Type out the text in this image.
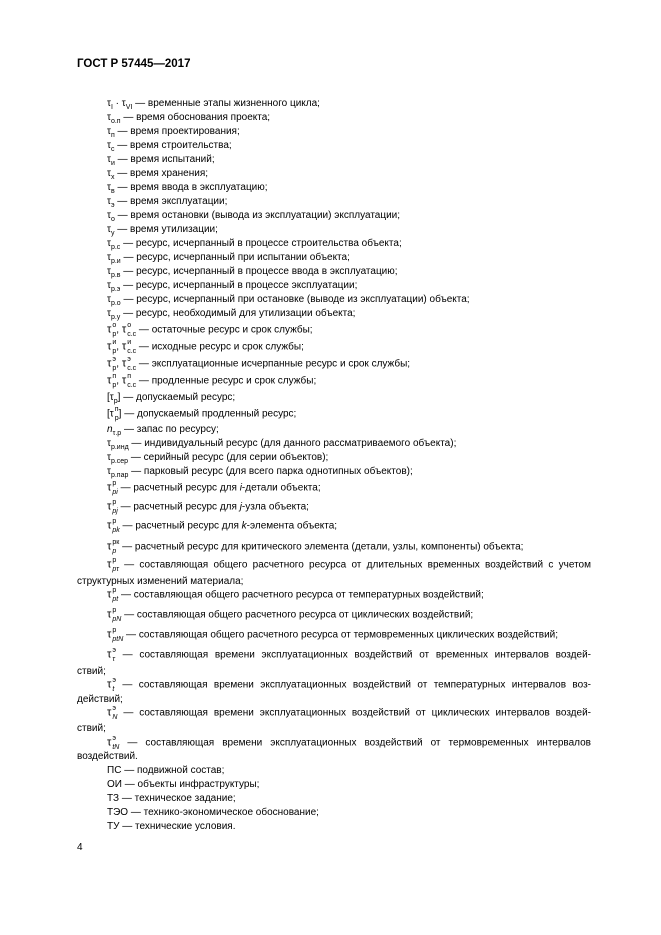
ГОСТ Р 57445—2017
$\tau_I \cdot \tau_{VI}$ — временные этапы жизненного цикла;
$\tau_{о.п}$ — время обоснования проекта;
$\tau_п$ — время проектирования;
$\tau_с$ — время строительства;
$\tau_и$ — время испытаний;
$\tau_х$ — время хранения;
$\tau_в$ — время ввода в эксплуатацию;
$\tau_э$ — время эксплуатации;
$\tau_о$ — время остановки (вывода из эксплуатации) эксплуатации;
$\tau_у$ — время утилизации;
$\tau_{р.с}$ — ресурс, исчерпанный в процессе строительства объекта;
$\tau_{р.и}$ — ресурс, исчерпанный при испытании объекта;
$\tau_{р.в}$ — ресурс, исчерпанный в процессе ввода в эксплуатацию;
$\tau_{р.э}$ — ресурс, исчерпанный в процессе эксплуатации;
$\tau_{р.о}$ — ресурс, исчерпанный при остановке (выводе из эксплуатации) объекта;
$\tau_{р.у}$ — ресурс, необходимый для утилизации объекта;
τ о
р , τ о
с.с — остаточные ресурс и срок службы;
τ и
р , τ и
с.с — исходные ресурс и срок службы;
τ э
р , τ э
с.с — эксплуатационные исчерпанные ресурс и срок службы;
τ п
р , τ п
с.с — продленные ресурс и срок службы;
$[\tau_р]$ — допускаемый ресурс;
[τ п
р ] — допускаемый продленный ресурс;
$n_{\tau.р}$ — запас по ресурсу;
$\tau_{р.инд}$ — индивидуальный ресурс (для данного рассматриваемого объекта);
$\tau_{р.сер}$ — серийный ресурс (для серии объектов);
$\tau_{р.пар}$ — парковый ресурс (для всего парка однотипных объектов);
τ р
pi — расчетный ресурс для i-детали объекта;
τ р
pj — расчетный ресурс для j-узла объекта;
τ р
pk — расчетный ресурс для k-элемента объекта;
τ рк
р — расчетный ресурс для критического элемента (детали, узлы, компоненты) объекта;
τ р
pτ — составляющая общего расчетного ресурса от длительных временных воздействий с учетом
структурных изменений материала;
τ р
pt — составляющая общего расчетного ресурса от температурных воздействий;
τ р
pN — составляющая общего расчетного ресурса от циклических воздействий;
τ р
ptN — составляющая общего расчетного ресурса от термовременных циклических воздействий;
τ э
τ — составляющая времени эксплуатационных воздействий от временных интервалов воздей-
ствий;
τ э
t — составляющая времени эксплуатационных воздействий от температурных интервалов воз-
действий;
τ э
N — составляющая времени эксплуатационных воздействий от циклических интервалов воздей-
ствий;
τ э
tN — составляющая времени эксплуатационных воздействий от термовременных интервалов
воздействий.
ПС — подвижной состав;
ОИ — объекты инфраструктуры;
ТЗ — техническое задание;
ТЭО — технико-экономическое обоснование;
ТУ — технические условия.
4
